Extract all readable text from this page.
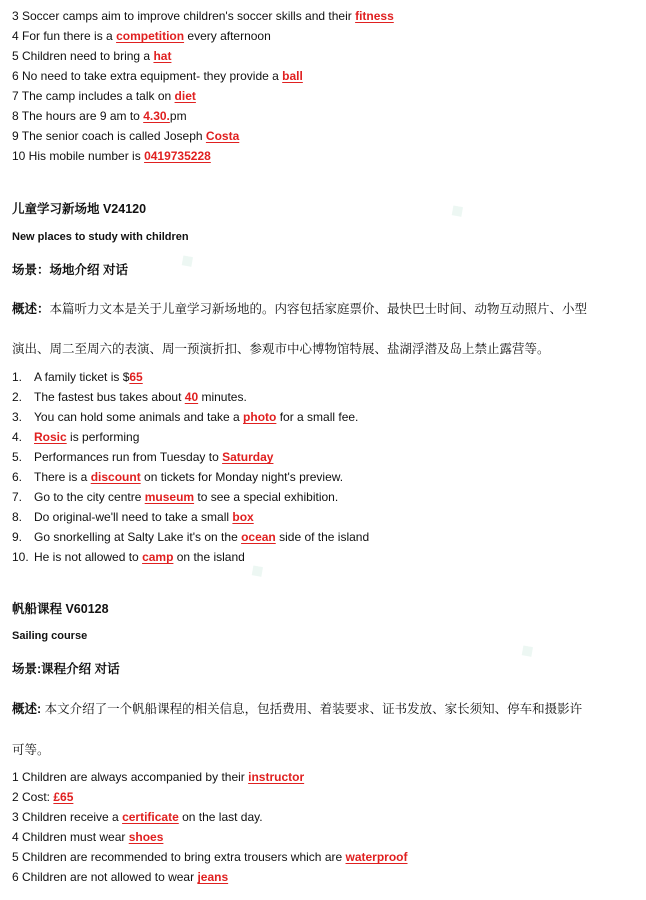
◆
◆
◆
◆
3 Soccer camps aim to improve children's soccer skills and their fitness
4 For fun there is a competition every afternoon
5 Children need to bring a hat
6 No need to take extra equipment- they provide a ball
7 The camp includes a talk on diet
8 The hours are 9 am to 4.30.pm
9 The senior coach is called Joseph Costa
10 His mobile number is 0419735228
儿童学习新场地 V24120
New places to study with children
场景：场地介绍 对话
概述：本篇听力文本是关于儿童学习新场地的。内容包括家庭票价、最快巴士时间、动物互动照片、小型
演出、周二至周六的表演、周一预演折扣、参观市中心博物馆特展、盐湖浮潜及岛上禁止露营等。
1. A family ticket is $65
2. The fastest bus takes about 40 minutes.
3. You can hold some animals and take a photo for a small fee.
4. Rosic is performing
5. Performances run from Tuesday to Saturday
6. There is a discount on tickets for Monday night's preview.
7. Go to the city centre museum to see a special exhibition.
8. Do original-we'll need to take a small box
9. Go snorkelling at Salty Lake it's on the ocean side of the island
10. He is not allowed to camp on the island
帆船课程 V60128
Sailing course
场景:课程介绍 对话
概述: 本文介绍了一个帆船课程的相关信息，包括费用、着装要求、证书发放、家长须知、停车和摄影许
可等。
1 Children are always accompanied by their instructor
2 Cost: £65
3 Children receive a certificate on the last day.
4 Children must wear shoes
5 Children are recommended to bring extra trousers which are waterproof
6 Children are not allowed to wear jeans
